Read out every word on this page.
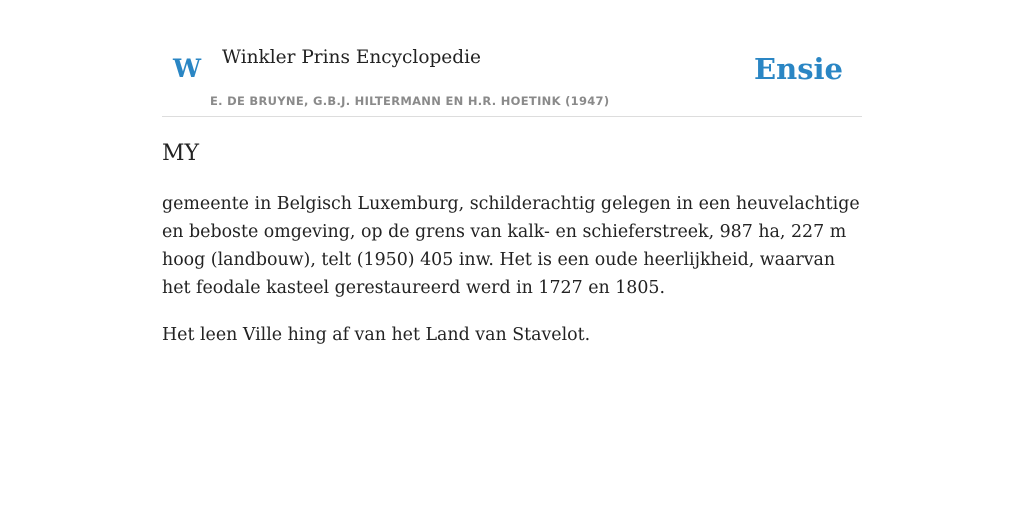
W Winkler Prins Encyclopedie
E. DE BRUYNE, G.B.J. HILTERMANN EN H.R. HOETINK (1947)
Ensie
MY

gemeente in Belgisch Luxemburg, schilderachtig gelegen in een heuvelachtige en beboste omgeving, op de grens van kalk- en schieferstreek, 987 ha, 227 m hoog (landbouw), telt (1950) 405 inw. Het is een oude heerlijkheid, waarvan het feodale kasteel gerestaureerd werd in 1727 en 1805.

Het leen Ville hing af van het Land van Stavelot.
